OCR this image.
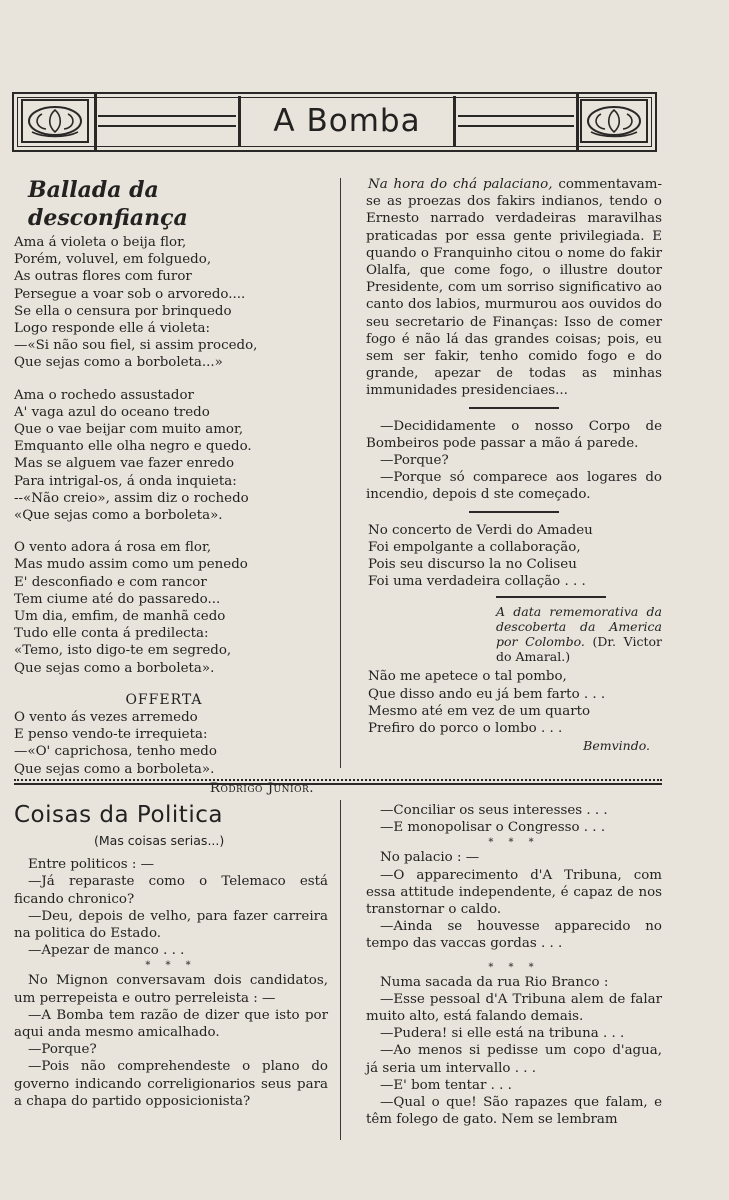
A Bomba
Ballada da desconfiança
Ama á violeta o beija flor,
Porém, voluvel, em folguedo,
As outras flores com furor
Persegue a voar sob o arvoredo....
Se ella o censura por brinquedo
Logo responde elle á violeta:
—«Si não sou fiel, si assim procedo,
Que sejas como a borboleta...»
Ama o rochedo assustador
A' vaga azul do oceano tredo
Que o vae beijar com muito amor,
Emquanto elle olha negro e quedo.
Mas se alguem vae fazer enredo
Para intrigal-os, á onda inquieta:
--«Não creio», assim diz o rochedo
«Que sejas como a borboleta».
O vento adora á rosa em flor,
Mas mudo assim como um penedo
E' desconfiado e com rancor
Tem ciume até do passaredo...
Um dia, emfim, de manhã cedo
Tudo elle conta á predilecta:
«Temo, isto digo-te em segredo,
Que sejas como a borboleta».
OFFERTA
O vento ás vezes arremedo
E penso vendo-te irrequieta:
—«O' caprichosa, tenho medo
Que sejas como a borboleta».
Rodrigo Junior.

Na hora do chá palaciano, commentavam-se as proezas dos fakirs indianos, tendo o Ernesto narrado verdadeiras maravilhas praticadas por essa gente privilegiada. E quando o Franquinho citou o nome do fakir Olalfa, que come fogo, o illustre doutor Presidente, com um sorriso significativo ao canto dos labios, murmurou aos ouvidos do seu secretario de Finanças: Isso de comer fogo é não lá das grandes coisas; pois, eu sem ser fakir, tenho comido fogo e do grande, apezar de todas as minhas immunidades presidenciaes...

—Decididamente o nosso Corpo de Bombeiros pode passar a mão á parede.
—Porque?
—Porque só comparece aos logares do incendio, depois d ste começado.
No concerto de Verdi do Amadeu
Foi empolgante a collaboração,
Pois seu discurso la no Coliseu
Foi uma verdadeira collação . . .
A data rememorativa da descoberta da America por Colombo. (Dr. Victor do Amaral.)
Não me apetece o tal pombo,
Que disso ando eu já bem farto . . .
Mesmo até em vez de um quarto
Prefiro do porco o lombo . . .
Bemvindo.
Coisas da Politica
(Mas coisas serias...)
Entre politicos : —
—Já reparaste como o Telemaco está ficando chronico?
—Deu, depois de velho, para fazer carreira na politica do Estado.
—Apezar de manco . . .
* * *
No Mignon conversavam dois candidatos, um perrepeista e outro perreleista : —
—A Bomba tem razão de dizer que isto por aqui anda mesmo amicalhado.
—Porque?
—Pois não comprehendeste o plano do governo indicando correligionarios seus para a chapa do partido opposicionista?
—Conciliar os seus interesses . . .
—E monopolisar o Congresso . . .
* * *
No palacio : —
—O apparecimento d'A Tribuna, com essa attitude independente, é capaz de nos transtornar o caldo.
—Ainda se houvesse apparecido no tempo das vaccas gordas . . .
* * *
Numa sacada da rua Rio Branco :
—Esse pessoal d'A Tribuna alem de falar muito alto, está falando demais.
—Pudera! si elle está na tribuna . . .
—Ao menos si pedisse um copo d'agua, já seria um intervallo . . .
—E' bom tentar . . .
—Qual o que! São rapazes que falam, e têm folego de gato. Nem se lembram
